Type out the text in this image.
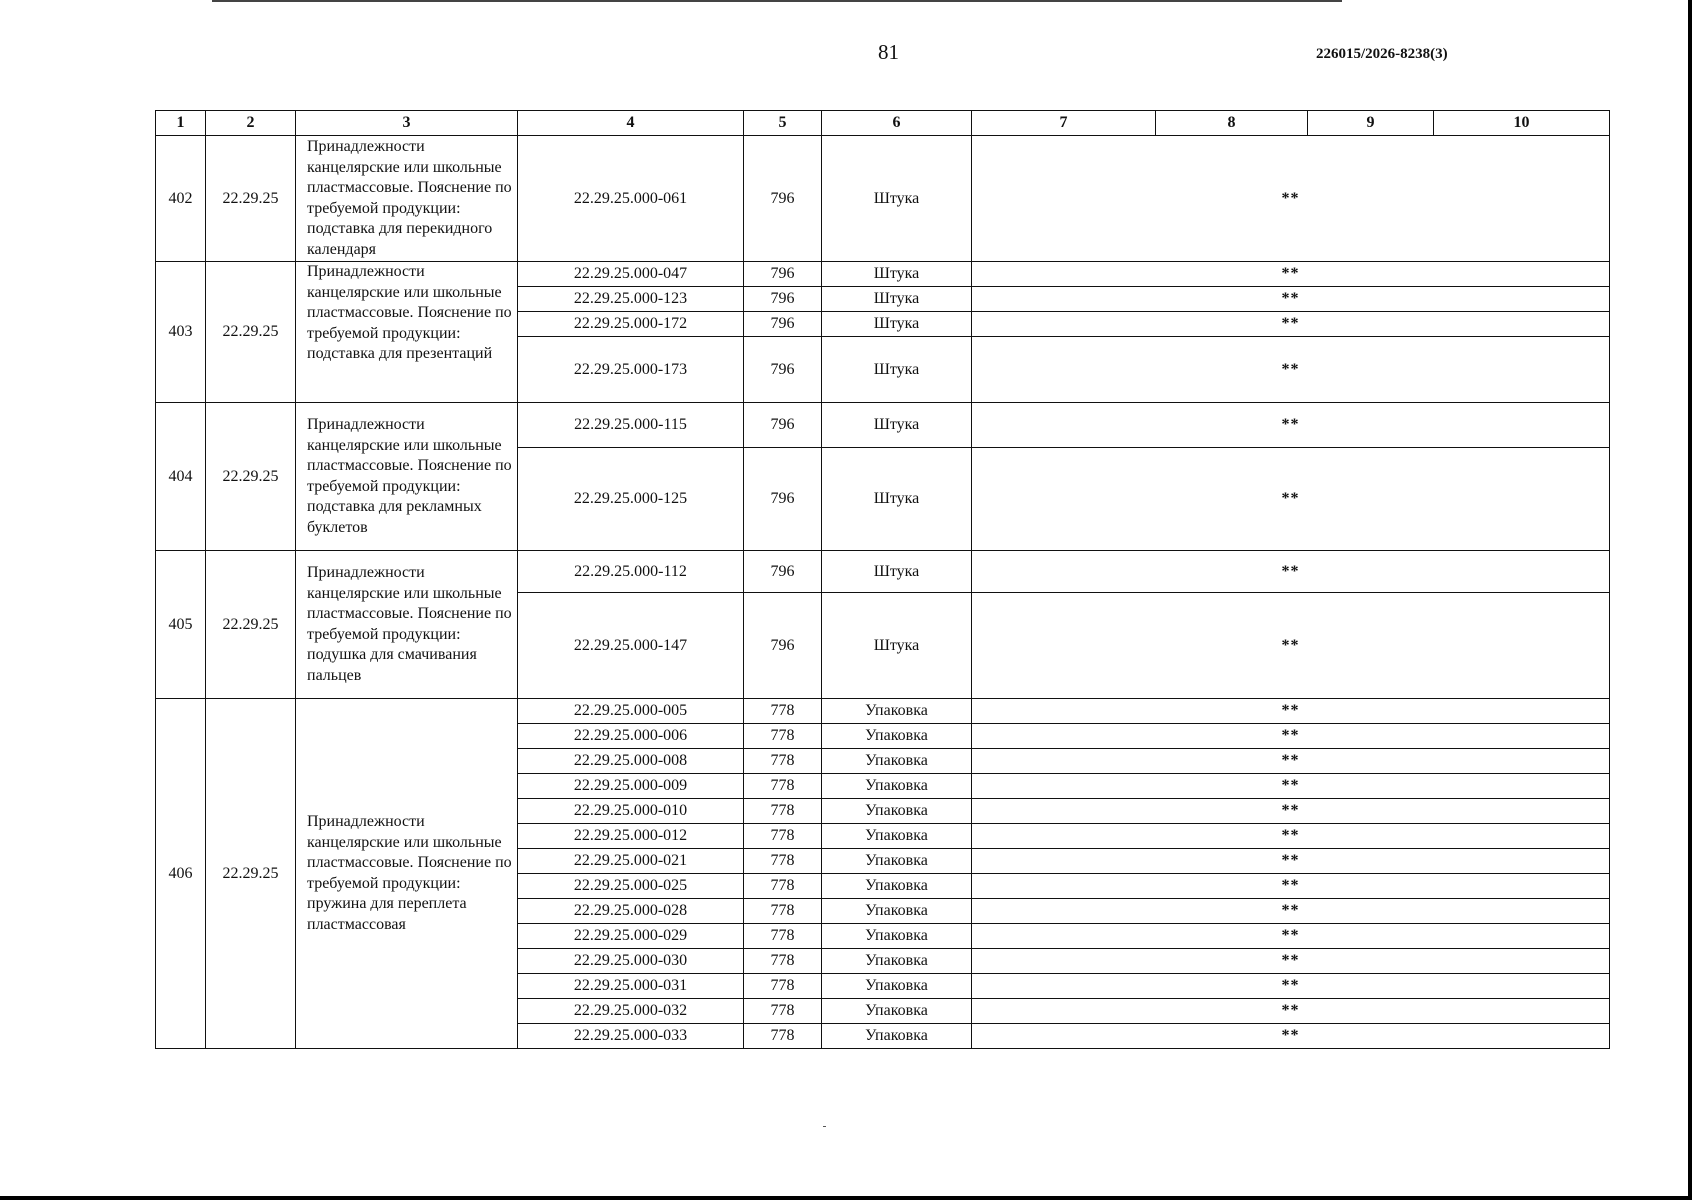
81	226015/2026-8238(3)
1	2	3	4	5	6	7	8	9	10
402	22.29.25	Принадлежности канцелярские или школьные пластмассовые. Пояснение по требуемой продукции: подставка для перекидного календаря	22.29.25.000-061	796	Штука	**			
403	22.29.25	Принадлежности канцелярские или школьные пластмассовые. Пояснение по требуемой продукции: подставка для презентаций	22.29.25.000-047	796	Штука	**			
			22.29.25.000-123	796	Штука	**			
			22.29.25.000-172	796	Штука	**			
			22.29.25.000-173	796	Штука	**			
404	22.29.25	Принадлежности канцелярские или школьные пластмассовые. Пояснение по требуемой продукции: подставка для рекламных буклетов	22.29.25.000-115	796	Штука	**			
			22.29.25.000-125	796	Штука	**			
405	22.29.25	Принадлежности канцелярские или школьные пластмассовые. Пояснение по требуемой продукции: подушка для смачивания пальцев	22.29.25.000-112	796	Штука	**			
			22.29.25.000-147	796	Штука	**			
406	22.29.25	Принадлежности канцелярские или школьные пластмассовые. Пояснение по требуемой продукции: пружина для переплета пластмассовая	22.29.25.000-005	778	Упаковка	**			
			22.29.25.000-006	778	Упаковка	**			
			22.29.25.000-008	778	Упаковка	**			
			22.29.25.000-009	778	Упаковка	**			
			22.29.25.000-010	778	Упаковка	**			
			22.29.25.000-012	778	Упаковка	**			
			22.29.25.000-021	778	Упаковка	**			
			22.29.25.000-025	778	Упаковка	**			
			22.29.25.000-028	778	Упаковка	**			
			22.29.25.000-029	778	Упаковка	**			
			22.29.25.000-030	778	Упаковка	**			
			22.29.25.000-031	778	Упаковка	**			
			22.29.25.000-032	778	Упаковка	**			
			22.29.25.000-033	778	Упаковка	**			
